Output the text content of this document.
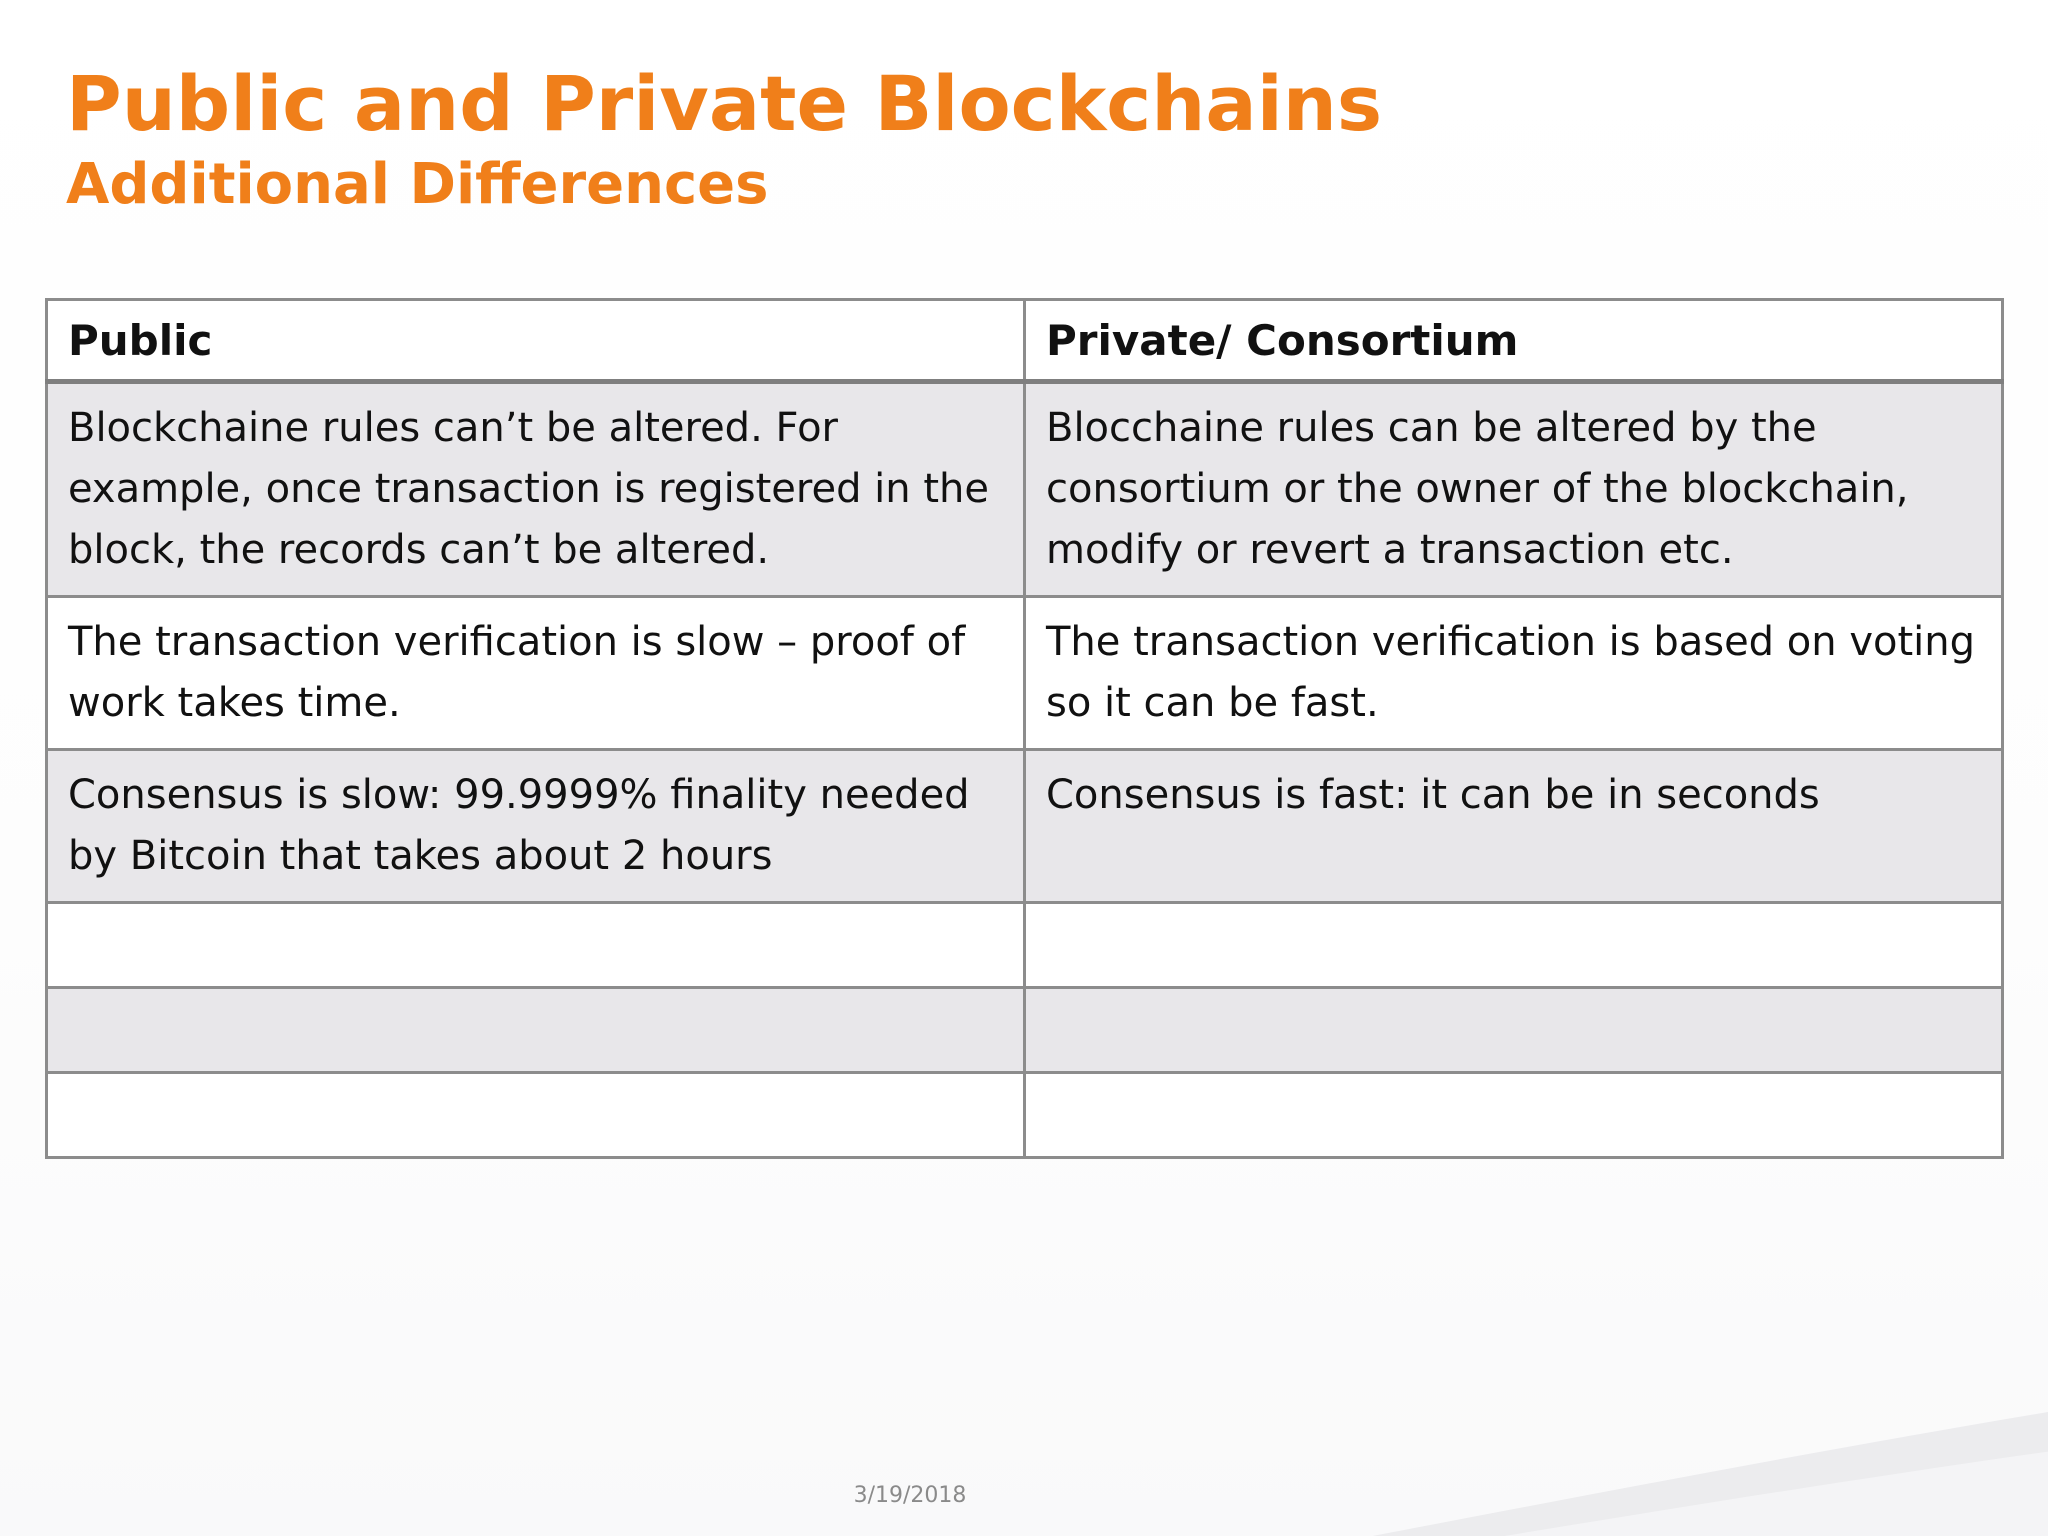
Public and Private Blockchains
Additional Differences
Public	Private/ Consortium
Blockchaine rules can’t be altered. For example, once transaction is registered in the block, the records can’t be altered.	Blocchaine rules can be altered by the consortium or the owner of the blockchain, modify or revert a transaction etc.
The transaction verification is slow – proof of work takes time.	The transaction verification is based on voting so it can be fast.
Consensus is slow: 99.9999% finality needed by Bitcoin that takes about 2 hours	Consensus is fast: it can be in seconds

3/19/2018
